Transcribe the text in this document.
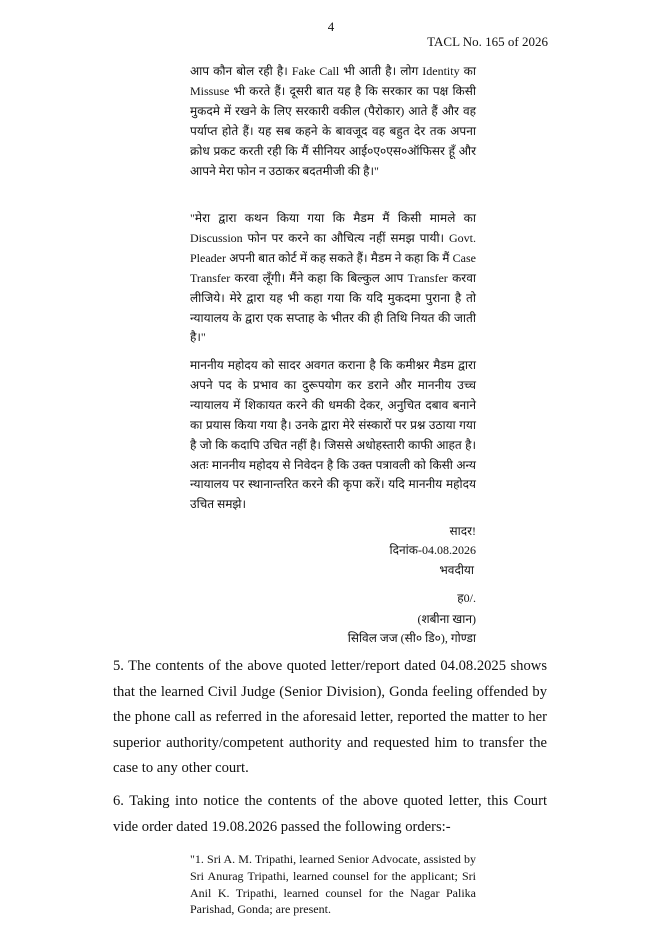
4
TACL No. 165 of 2026

आप कौन बोल रही है। Fake Call भी आती है। लोग Identity का Missuse भी करते हैं। दूसरी बात यह है कि सरकार का पक्ष किसी मुकदमे में रखने के लिए सरकारी वकील (पैरोकार) आते हैं और वह पर्याप्त होते हैं। यह सब कहने के बावजूद वह बहुत देर तक अपना क्रोध प्रकट करती रही कि मैं सीनियर आई०ए०एस०ऑफिसर हूँ और आपने मेरा फोन न उठाकर बदतमीजी की है।"

"मेरा द्वारा कथन किया गया कि मैडम मैं किसी मामले का Discussion फोन पर करने का औचित्य नहीं समझ पायी। Govt. Pleader अपनी बात कोर्ट में कह सकते हैं। मैडम ने कहा कि मैं Case Transfer करवा लूँगी। मैंने कहा कि बिल्कुल आप Transfer करवा लीजिये। मेरे द्वारा यह भी कहा गया कि यदि मुकदमा पुराना है तो न्यायालय के द्वारा एक सप्ताह के भीतर की ही तिथि नियत की जाती है।"

माननीय महोदय को सादर अवगत कराना है कि कमीश्नर मैडम द्वारा अपने पद के प्रभाव का दुरूपयोग कर डराने और माननीय उच्च न्यायालय में शिकायत करने की धमकी देकर, अनुचित दबाव बनाने का प्रयास किया गया है। उनके द्वारा मेरे संस्कारों पर प्रश्न उठाया गया है जो कि कदापि उचित नहीं है। जिससे अधोहस्तारी काफी आहत है। अतः माननीय महोदय से निवेदन है कि उक्त पत्रावली को किसी अन्य न्यायालय पर स्थानान्तरित करने की कृपा करें। यदि माननीय महोदय उचित समझे।

सादर!
दिनांक-04.08.2026
भवदीया
ह0/.
(शबीना खान)
सिविल जज (सी० डि०), गोण्डा

5. The contents of the above quoted letter/report dated 04.08.2025 shows that the learned Civil Judge (Senior Division), Gonda feeling offended by the phone call as referred in the aforesaid letter, reported the matter to her superior authority/competent authority and requested him to transfer the case to any other court.

6. Taking into notice the contents of the above quoted letter, this Court vide order dated 19.08.2026 passed the following orders:-

"1. Sri A. M. Tripathi, learned Senior Advocate, assisted by Sri Anurag Tripathi, learned counsel for the applicant; Sri Anil K. Tripathi, learned counsel for the Nagar Palika Parishad, Gonda; are present.
